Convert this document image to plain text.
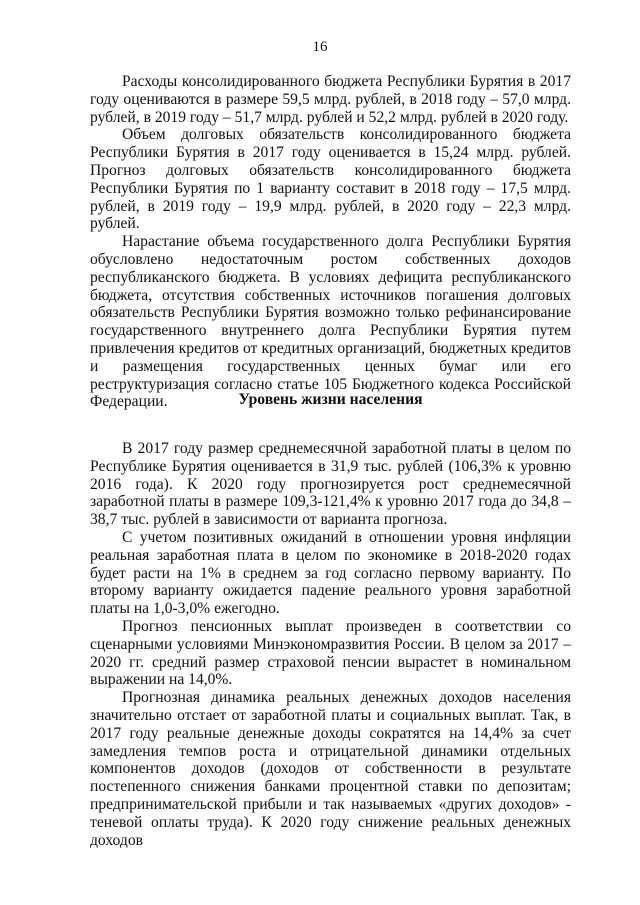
16

Расходы консолидированного бюджета Республики Бурятия в 2017 году оцениваются в размере 59,5 млрд. рублей, в 2018 году – 57,0 млрд. рублей, в 2019 году – 51,7 млрд. рублей и 52,2 млрд. рублей в 2020 году.

Объем долговых обязательств консолидированного бюджета Республики Бурятия в 2017 году оценивается в 15,24 млрд. рублей. Прогноз долговых обязательств консолидированного бюджета Республики Бурятия по 1 варианту составит в 2018 году – 17,5 млрд. рублей, в 2019 году – 19,9 млрд. рублей, в 2020 году – 22,3 млрд. рублей.

Нарастание объема государственного долга Республики Бурятия обусловлено недостаточным ростом собственных доходов республиканского бюджета. В условиях дефицита республиканского бюджета, отсутствия собственных источников погашения долговых обязательств Республики Бурятия возможно только рефинансирование государственного внутреннего долга Республики Бурятия путем привлечения кредитов от кредитных организаций, бюджетных кредитов и размещения государственных ценных бумаг или его реструктуризация согласно статье 105 Бюджетного кодекса Российской Федерации.	Уровень жизни населения

В 2017 году размер среднемесячной заработной платы в целом по Республике Бурятия оценивается в 31,9 тыс. рублей (106,3% к уровню 2016 года). К 2020 году прогнозируется рост среднемесячной заработной платы в размере 109,3-121,4% к уровню 2017 года до 34,8 – 38,7 тыс. рублей в зависимости от варианта прогноза.

С учетом позитивных ожиданий в отношении уровня инфляции реальная заработная плата в целом по экономике в 2018-2020 годах будет расти на 1% в среднем за год согласно первому варианту. По второму варианту ожидается падение реального уровня заработной платы на 1,0-3,0% ежегодно.

Прогноз пенсионных выплат произведен в соответствии со сценарными условиями Минэкономразвития России. В целом за 2017 – 2020 гг. средний размер страховой пенсии вырастет в номинальном выражении на 14,0%.

Прогнозная динамика реальных денежных доходов населения значительно отстает от заработной платы и социальных выплат. Так, в 2017 году реальные денежные доходы сократятся на 14,4% за счет замедления темпов роста и отрицательной динамики отдельных компонентов доходов (доходов от собственности в результате постепенного снижения банками процентной ставки по депозитам; предпринимательской прибыли и так называемых «других доходов» - теневой оплаты труда). К 2020 году снижение реальных денежных доходов
